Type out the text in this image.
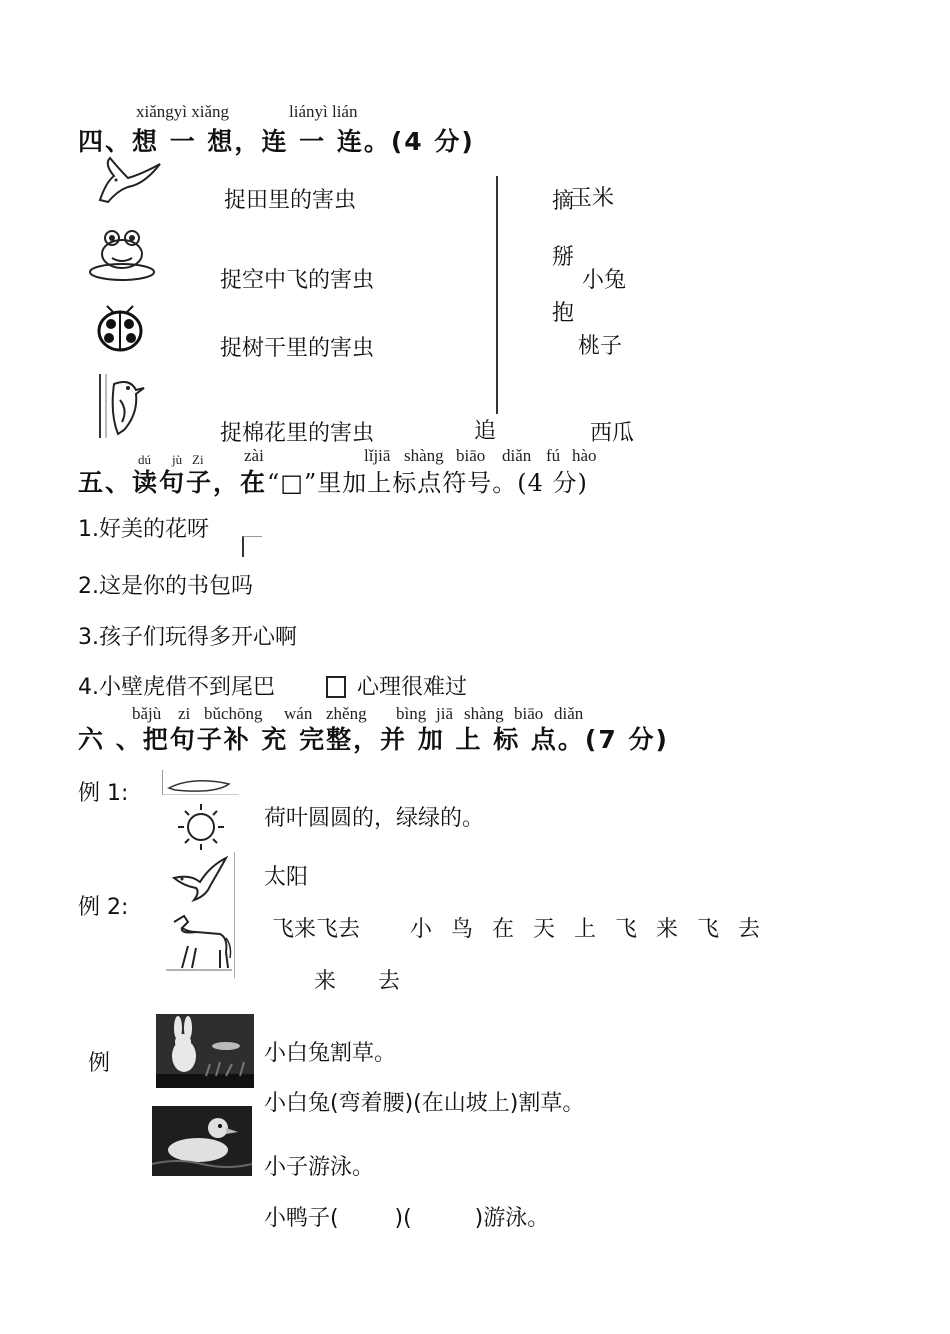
xiǎngyì xiǎng	liányì lián
四、想 一 想，连 一 连。(4 分)
捉田里的害虫
捉空中飞的害虫
捉树干里的害虫
捉棉花里的害虫
摘
玉米
掰
小兔
抱
桃子
追	西瓜
dú jù Zi zài	lǐjiā shàng biāo diǎn fú hào
五、读句子，在“□”里加上标点符号。(4 分)
1.好美的花呀
2.这是你的书包吗
3.孩子们玩得多开心啊
4.小壁虎借不到尾巴	心理很难过
bǎjù zi bǔchōng wán zhěng bìng jiā shàng biāo diǎn
六 、把句子补 充 完整，并 加 上 标 点。(7 分)
例 1:
荷叶圆圆的，绿绿的。
太阳
例 2:
飞来飞去 小 鸟 在 天 上 飞 来 飞 去
来      去
例	小白兔割草。
小白兔(弯着腰)(在山坡上)割草。
小子游泳。
小鸭子(        )(         )游泳。
